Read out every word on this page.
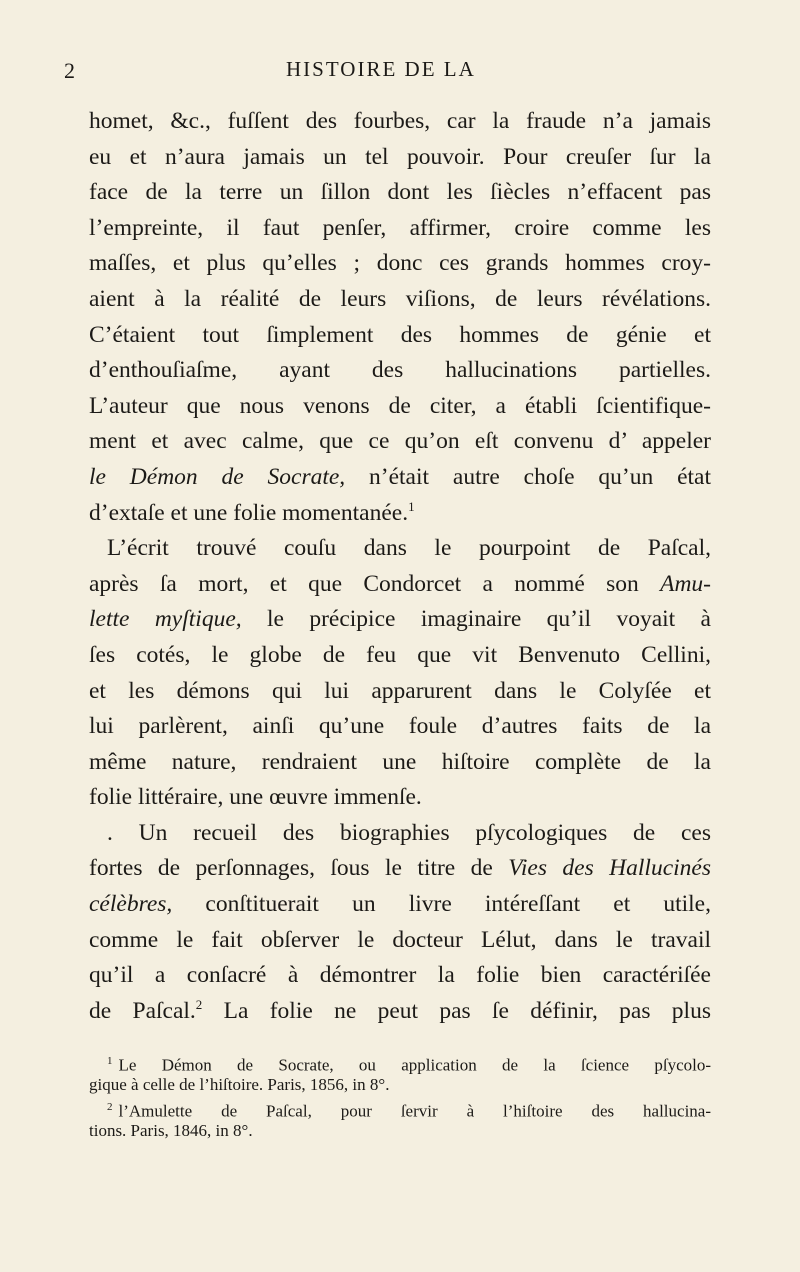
2	HISTOIRE DE LA
homet, &c., fuſſent des fourbes, car la fraude n’a jamais
eu et n’aura jamais un tel pouvoir. Pour creuſer ſur la
face de la terre un ſillon dont les ſiècles n’effacent pas
l’empreinte, il faut penſer, affirmer, croire comme les
maſſes, et plus qu’elles ; donc ces grands hommes croy-
aient à la réalité de leurs viſions, de leurs révélations.
C’étaient tout ſimplement des hommes de génie et
d’enthouſiaſme, ayant des hallucinations partielles.
L’auteur que nous venons de citer, a établi ſcientifique-
ment et avec calme, que ce qu’on eſt convenu d’ appeler
le Démon de Socrate, n’était autre choſe qu’un état
d’extaſe et une folie momentanée.$^1$
L’écrit trouvé couſu dans le pourpoint de Paſcal,
après ſa mort, et que Condorcet a nommé son Amu-
lette myſtique, le précipice imaginaire qu’il voyait à
ſes cotés, le globe de feu que vit Benvenuto Cellini,
et les démons qui lui apparurent dans le Colyſée et
lui parlèrent, ainſi qu’une foule d’autres faits de la
même nature, rendraient une hiſtoire complète de la
folie littéraire, une œuvre immenſe.
. Un recueil des biographies pſycologiques de ces
fortes de perſonnages, ſous le titre de Vies des Hallucinés
célèbres, conſtituerait un livre intéreſſant et utile,
comme le fait obſerver le docteur Lélut, dans le travail
qu’il a conſacré à démontrer la folie bien caractériſée
de Paſcal.$^2$ La folie ne peut pas ſe définir, pas plus
$^1$ Le Démon de Socrate, ou application de la ſcience pſycolo-
gique à celle de l’hiſtoire. Paris, 1856, in 8°.
$^2$ l’Amulette de Paſcal, pour ſervir à l’hiſtoire des hallucina-
tions. Paris, 1846, in 8°.
